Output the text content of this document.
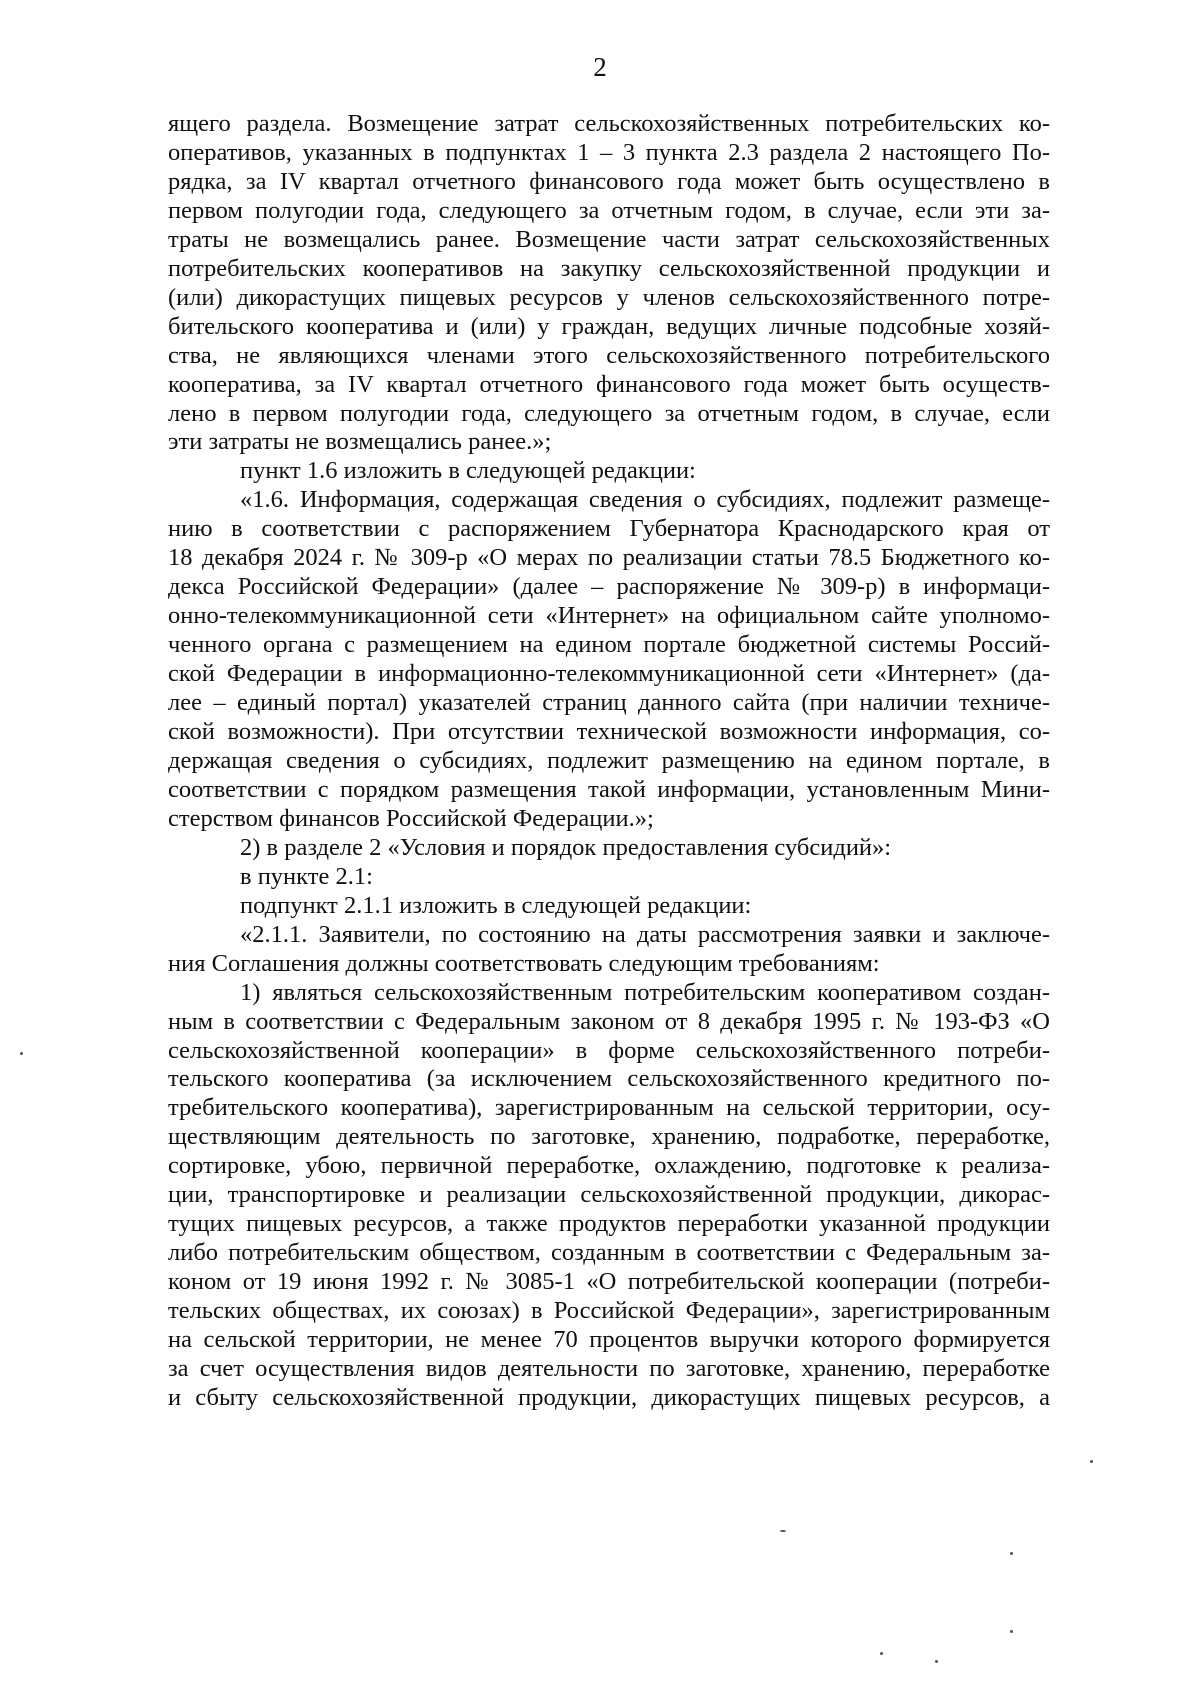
2

ящего раздела. Возмещение затрат сельскохозяйственных потребительских ко-

оперативов, указанных в подпунктах 1 – 3 пункта 2.3 раздела 2 настоящего По-

рядка, за IV квартал отчетного финансового года может быть осуществлено в

первом полугодии года, следующего за отчетным годом, в случае, если эти за-

траты не возмещались ранее. Возмещение части затрат сельскохозяйственных

потребительских кооперативов на закупку сельскохозяйственной продукции и

(или) дикорастущих пищевых ресурсов у членов сельскохозяйственного потре-

бительского кооператива и (или) у граждан, ведущих личные подсобные хозяй-

ства, не являющихся членами этого сельскохозяйственного потребительского

кооператива, за IV квартал отчетного финансового года может быть осуществ-

лено в первом полугодии года, следующего за отчетным годом, в случае, если

эти затраты не возмещались ранее.»;

пункт 1.6 изложить в следующей редакции:

«1.6. Информация, содержащая сведения о субсидиях, подлежит размеще-

нию в соответствии с распоряжением Губернатора Краснодарского края от

18 декабря 2024 г. № 309-р «О мерах по реализации статьи 78.5 Бюджетного ко-

декса Российской Федерации» (далее – распоряжение № 309-р) в информаци-

онно-телекоммуникационной сети «Интернет» на официальном сайте уполномо-

ченного органа с размещением на едином портале бюджетной системы Россий-

ской Федерации в информационно-телекоммуникационной сети «Интернет» (да-

лее – единый портал) указателей страниц данного сайта (при наличии техниче-

ской возможности). При отсутствии технической возможности информация, со-

держащая сведения о субсидиях, подлежит размещению на едином портале, в

соответствии с порядком размещения такой информации, установленным Мини-

стерством финансов Российской Федерации.»;

2) в разделе 2 «Условия и порядок предоставления субсидий»:

в пункте 2.1:

подпункт 2.1.1 изложить в следующей редакции:

«2.1.1. Заявители, по состоянию на даты рассмотрения заявки и заключе-

ния Соглашения должны соответствовать следующим требованиям:

1) являться сельскохозяйственным потребительским кооперативом создан-

ным в соответствии с Федеральным законом от 8 декабря 1995 г. № 193-ФЗ «О

сельскохозяйственной кооперации» в форме сельскохозяйственного потреби-

тельского кооператива (за исключением сельскохозяйственного кредитного по-

требительского кооператива), зарегистрированным на сельской территории, осу-

ществляющим деятельность по заготовке, хранению, подработке, переработке,

сортировке, убою, первичной переработке, охлаждению, подготовке к реализа-

ции, транспортировке и реализации сельскохозяйственной продукции, дикорас-

тущих пищевых ресурсов, а также продуктов переработки указанной продукции

либо потребительским обществом, созданным в соответствии с Федеральным за-

коном от 19 июня 1992 г. № 3085-1 «О потребительской кооперации (потреби-

тельских обществах, их союзах) в Российской Федерации», зарегистрированным

на сельской территории, не менее 70 процентов выручки которого формируется

за счет осуществления видов деятельности по заготовке, хранению, переработке

и сбыту сельскохозяйственной продукции, дикорастущих пищевых ресурсов, а
